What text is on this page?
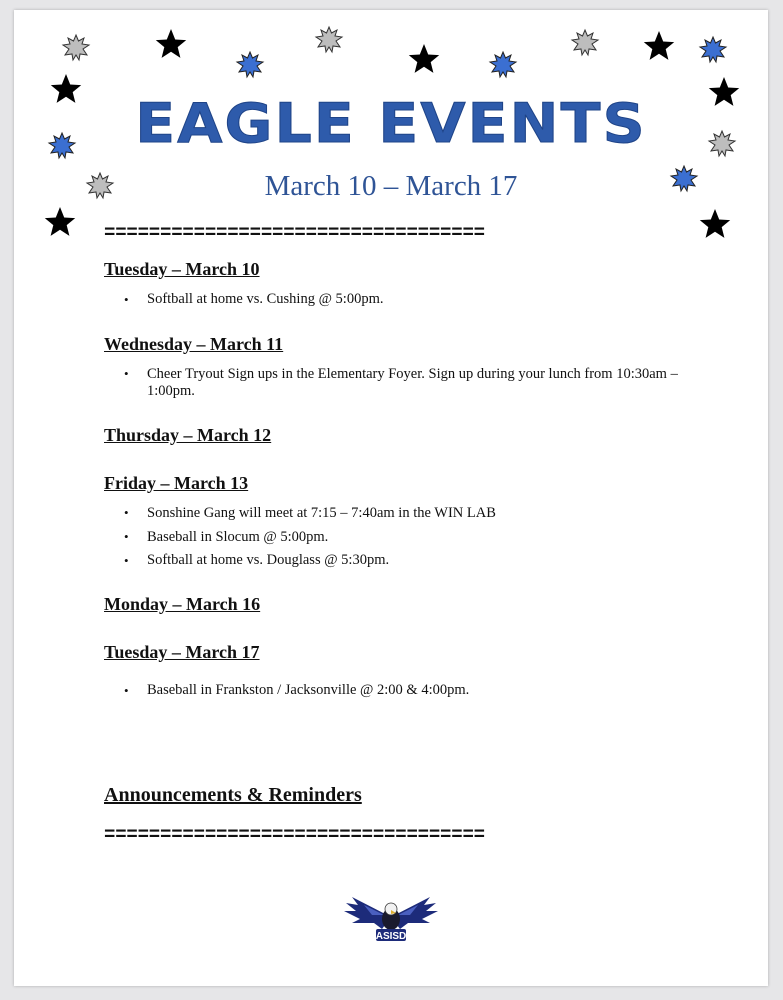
EAGLE EVENTS
March 10 – March 17
==================================
Tuesday – March 10
• Softball at home vs. Cushing @ 5:00pm.
Wednesday – March 11
• Cheer Tryout Sign ups in the Elementary Foyer. Sign up during your lunch from 10:30am – 1:00pm.
Thursday – March 12
Friday – March 13
• Sonshine Gang will meet at 7:15 – 7:40am in the WIN LAB
• Baseball in Slocum @ 5:00pm.
• Softball at home vs. Douglass @ 5:30pm.
Monday – March 16
Tuesday – March 17
• Baseball in Frankston / Jacksonville @ 2:00 & 4:00pm.
Announcements & Reminders
==================================
ASISD
